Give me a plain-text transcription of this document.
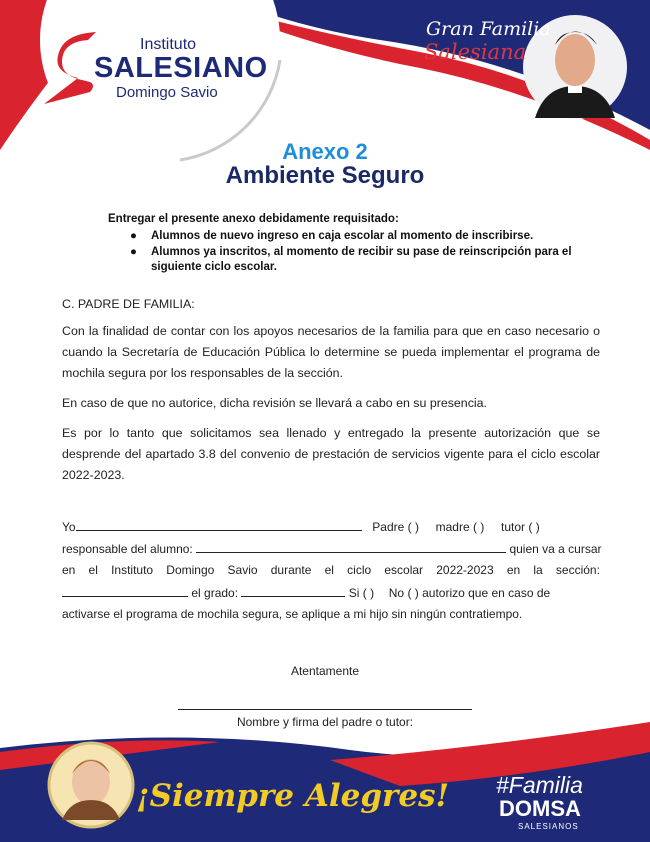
Instituto
SALESIANO
Domingo Savio
Gran Familia
Salesiana
Anexo 2
Ambiente Seguro
Entregar el presente anexo debidamente requisitado:
●	Alumnos de nuevo ingreso en caja escolar al momento de inscribirse.
●	Alumnos ya inscritos, al momento de recibir su pase de reinscripción para el siguiente ciclo escolar.
C. PADRE DE FAMILIA:
Con la finalidad de contar con los apoyos necesarios de la familia para que en caso necesario o cuando la Secretaría de Educación Pública lo determine se pueda implementar el programa de mochila segura por los responsables de la sección.
En caso de que no autorice, dicha revisión se llevará a cabo en su presencia.
Es por lo tanto que solicitamos sea llenado y entregado la presente autorización que se desprende del apartado 3.8 del convenio de prestación de servicios vigente para el ciclo escolar 2022-2023.
Yo	Padre ( ) madre ( ) tutor ( )
responsable del alumno:	quien va a cursar
en el Instituto Domingo Savio durante el ciclo escolar 2022-2023 en la sección:
el grado:	Si ( ) No ( ) autorizo que en caso de
activarse el programa de mochila segura, se aplique a mi hijo sin ningún contratiempo.
Atentamente
Nombre y firma del padre o tutor:
¡Siempre Alegres! #Familia
DOMSA
SALESIANOS
